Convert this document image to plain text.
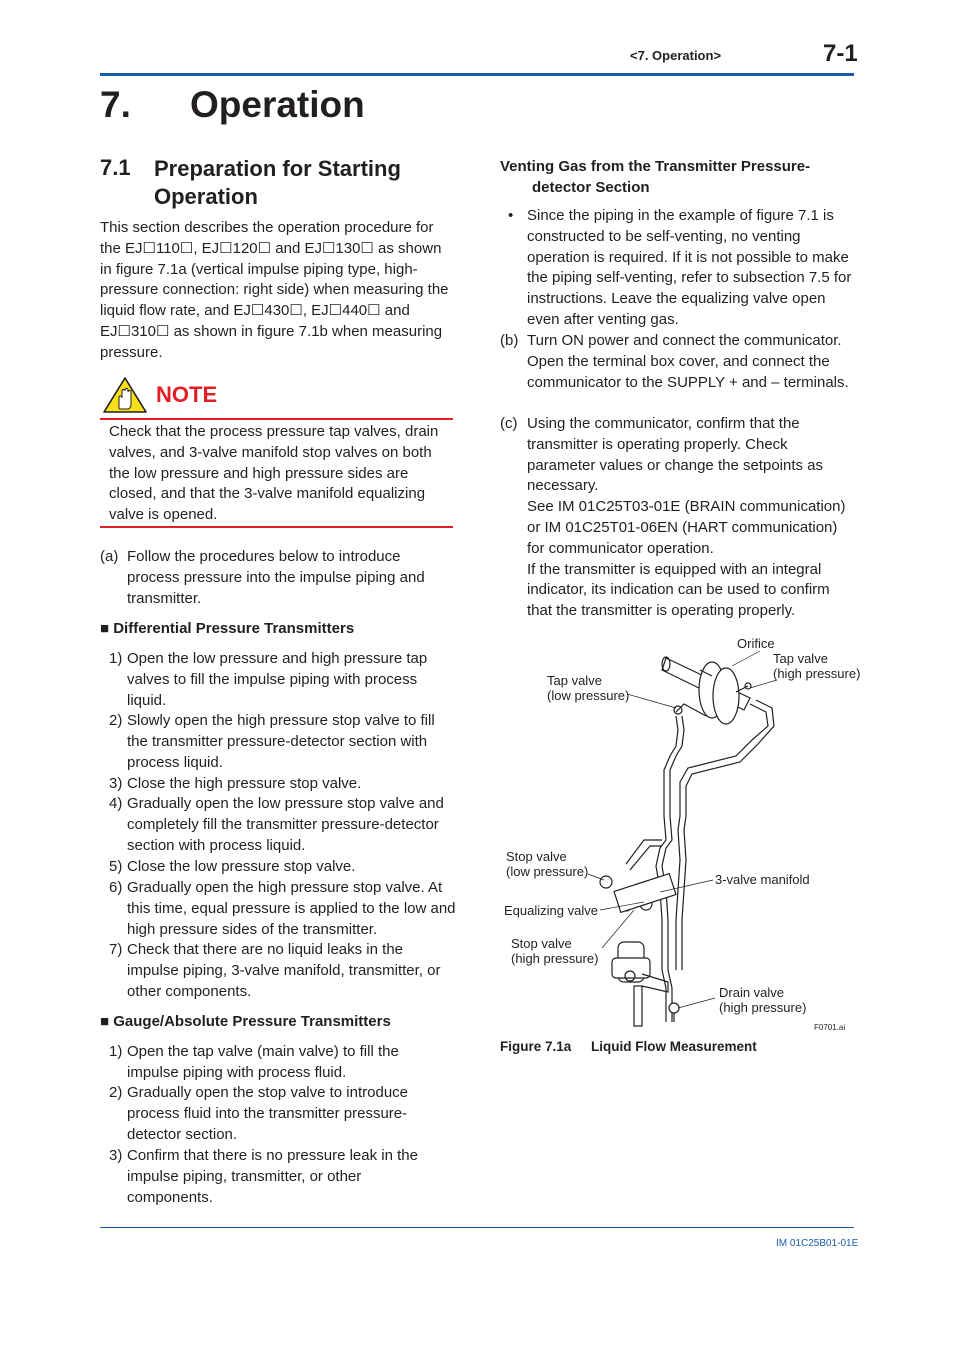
<7. Operation>	7-1
7. Operation
7.1 Preparation for Starting Operation

This section describes the operation procedure for the EJ☐110☐, EJ☐120☐ and EJ☐130☐ as shown in figure 7.1a (vertical impulse piping type, high-pressure connection: right side) when measuring the liquid flow rate, and EJ☐430☐, EJ☐440☐ and EJ☐310☐ as shown in figure 7.1b when measuring pressure.

NOTE

Check that the process pressure tap valves, drain valves, and 3-valve manifold stop valves on both the low pressure and high pressure sides are closed, and that the 3-valve manifold equalizing valve is opened.

(a) Follow the procedures below to introduce process pressure into the impulse piping and transmitter.
■ Differential Pressure Transmitters
1) Open the low pressure and high pressure tap valves to fill the impulse piping with process liquid.
2) Slowly open the high pressure stop valve to fill the transmitter pressure-detector section with process liquid.
3) Close the high pressure stop valve.
4) Gradually open the low pressure stop valve and completely fill the transmitter pressure-detector section with process liquid.
5) Close the low pressure stop valve.
6) Gradually open the high pressure stop valve. At this time, equal pressure is applied to the low and high pressure sides of the transmitter.
7) Check that there are no liquid leaks in the impulse piping, 3-valve manifold, transmitter, or other components.
■ Gauge/Absolute Pressure Transmitters
1) Open the tap valve (main valve) to fill the impulse piping with process fluid.
2) Gradually open the stop valve to introduce process fluid into the transmitter pressure-detector section.
3) Confirm that there is no pressure leak in the impulse piping, transmitter, or other components.
Venting Gas from the Transmitter Pressure-detector Section
• Since the piping in the example of figure 7.1 is constructed to be self-venting, no venting operation is required. If it is not possible to make the piping self-venting, refer to subsection 7.5 for instructions. Leave the equalizing valve open even after venting gas.
(b) Turn ON power and connect the communicator. Open the terminal box cover, and connect the communicator to the SUPPLY + and – terminals.
(c) Using the communicator, confirm that the transmitter is operating properly. Check parameter values or change the setpoints as necessary.
See IM 01C25T03-01E (BRAIN communication) or IM 01C25T01-06EN (HART communication) for communicator operation.
If the transmitter is equipped with an integral indicator, its indication can be used to confirm that the transmitter is operating properly.
Orifice
Tap valve
(high pressure)
Tap valve
(low pressure)
Stop valve
(low pressure)
3-valve manifold
Equalizing valve
Stop valve
(high pressure)
Drain valve
(high pressure)
F0701.ai
Figure 7.1a Liquid Flow Measurement
IM 01C25B01-01E
